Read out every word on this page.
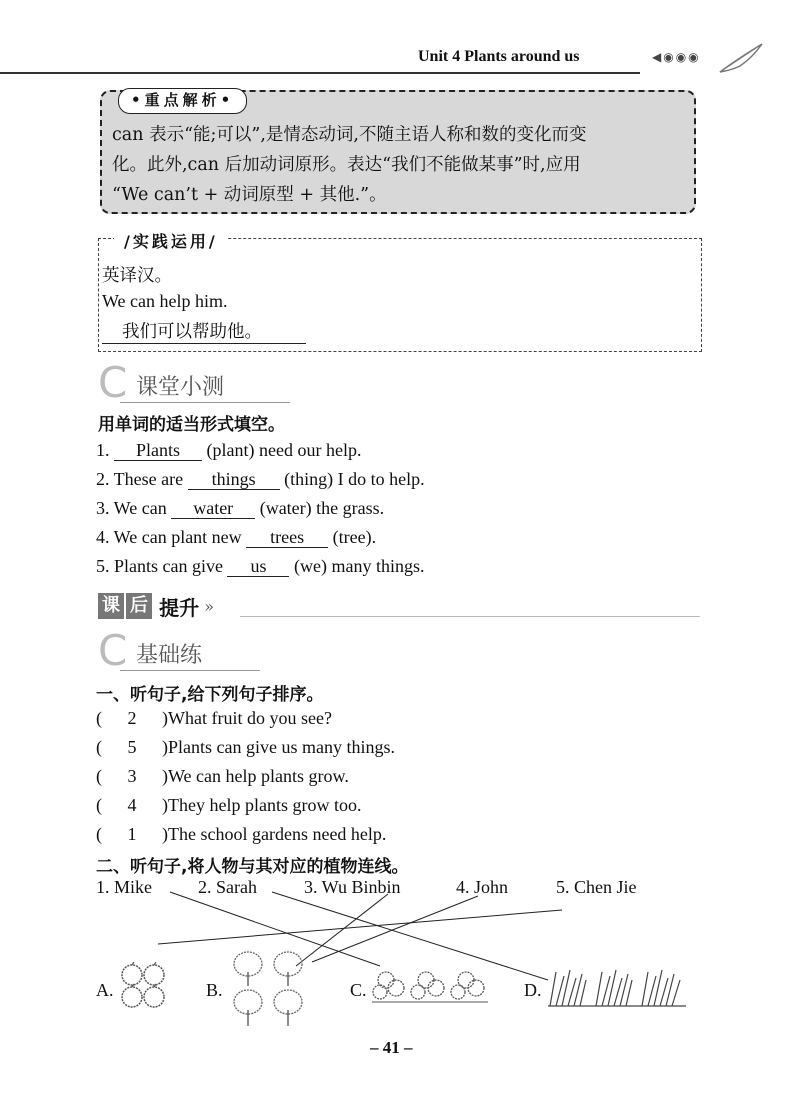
Unit 4 Plants around us	◀◉◉◉
•重点解析•
can 表示“能;可以”,是情态动词,不随主语人称和数的变化而变
化。此外,can 后加动词原形。表达“我们不能做某事”时,应用
“We can’t + 动词原型 + 其他.”。
/实践运用/
英译汉。
We can help him.
我们可以帮助他。
C 课堂小测
用单词的适当形式填空。
1. Plants (plant) need our help.
2. These are things (thing) I do to help.
3. We can water (water) the grass.
4. We can plant new trees (tree).
5. Plants can give us (we) many things.
课 后 提升 »
C 基础练
一、听句子,给下列句子排序。
( 2 )What fruit do you see?
( 5 )Plants can give us many things.
( 3 )We can help plants grow.
( 4 )They help plants grow too.
( 1 )The school gardens need help.
二、听句子,将人物与其对应的植物连线。
1. Mike	2. Sarah	3. Wu Binbin	4. John	5. Chen Jie
A.	B.	C.	D.
– 41 –
